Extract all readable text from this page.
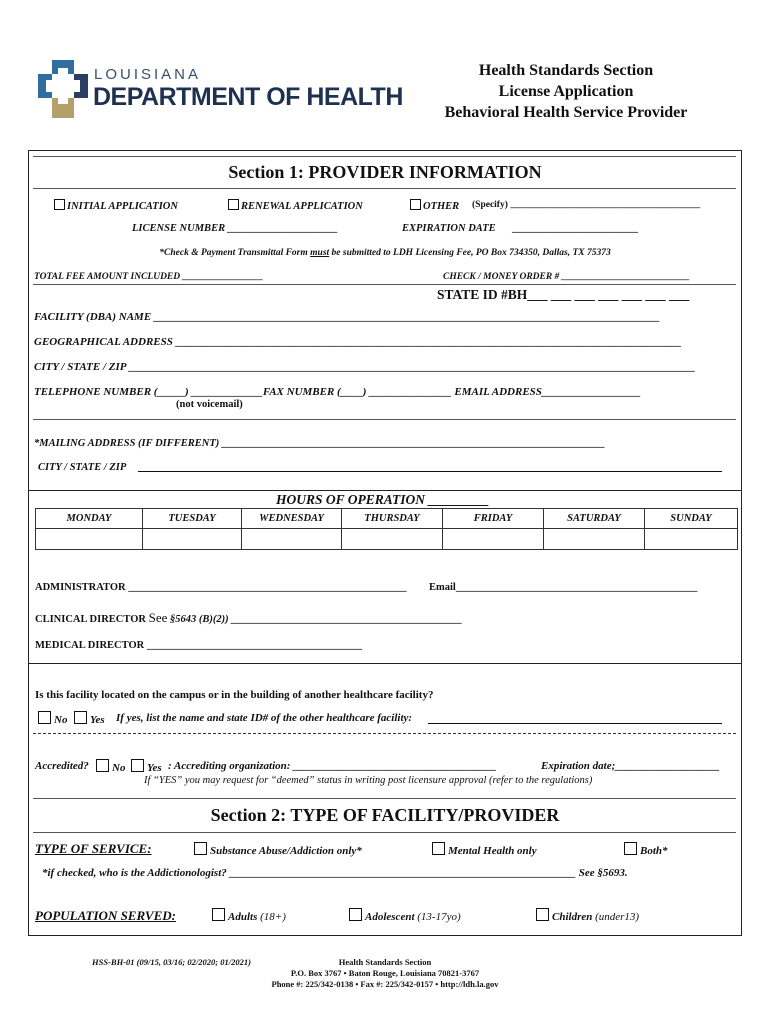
LOUISIANA
DEPARTMENT OF HEALTH
Health Standards Section
License Application
Behavioral Health Service Provider
Section 1: PROVIDER INFORMATION
INITIAL APPLICATION	RENEWAL APPLICATION	OTHER (Specify) ________________________________________
LICENSE NUMBER _____________________	EXPIRATION DATE ________________________
*Check & Payment Transmittal Form must be submitted to LDH Licensing Fee, PO Box 734350, Dallas, TX 75373
TOTAL FEE AMOUNT INCLUDED _________________	CHECK / MONEY ORDER # ___________________________
STATE ID #BH___ ___ ___ ___ ___ ___ ___
FACILITY (DBA) NAME ____________________________________________________________________________________________
GEOGRAPHICAL ADDRESS ____________________________________________________________________________________________
CITY / STATE / ZIP _______________________________________________________________________________________________________
TELEPHONE NUMBER (_____) _____________FAX NUMBER (____) _______________ EMAIL ADDRESS__________________
(not voicemail)
*MAILING ADDRESS (IF DIFFERENT) _________________________________________________________________________
CITY / STATE / ZIP
HOURS OF OPERATION _________
MONDAY	TUESDAY	WEDNESDAY	THURSDAY	FRIDAY	SATURDAY	SUNDAY

ADMINISTRATOR _____________________________________________________ Email______________________________________________
CLINICAL DIRECTOR See §5643 (B)(2)) ____________________________________________
MEDICAL DIRECTOR _________________________________________
Is this facility located on the campus or in the building of another healthcare facility?
No	Yes If yes, list the name and state ID# of the other healthcare facility:
Accredited?	No	Yes : Accrediting organization: _____________________________________	Expiration date;___________________
If “YES” you may request for “deemed” status in writing post licensure approval (refer to the regulations)
Section 2: TYPE OF FACILITY/PROVIDER
TYPE OF SERVICE:	Substance Abuse/Addiction only*	Mental Health only	Both*
*if checked, who is the Addictionologist? _______________________________________________________________ See §5693.
POPULATION SERVED:	Adults (18+)	Adolescent (13-17yo)	Children (under13)
HSS-BH-01 (09/15, 03/16; 02/2020; 01/2021)	Health Standards Section
P.O. Box 3767 • Baton Rouge, Louisiana 70821-3767
Phone #: 225/342-0138 • Fax #: 225/342-0157 • http://ldh.la.gov
